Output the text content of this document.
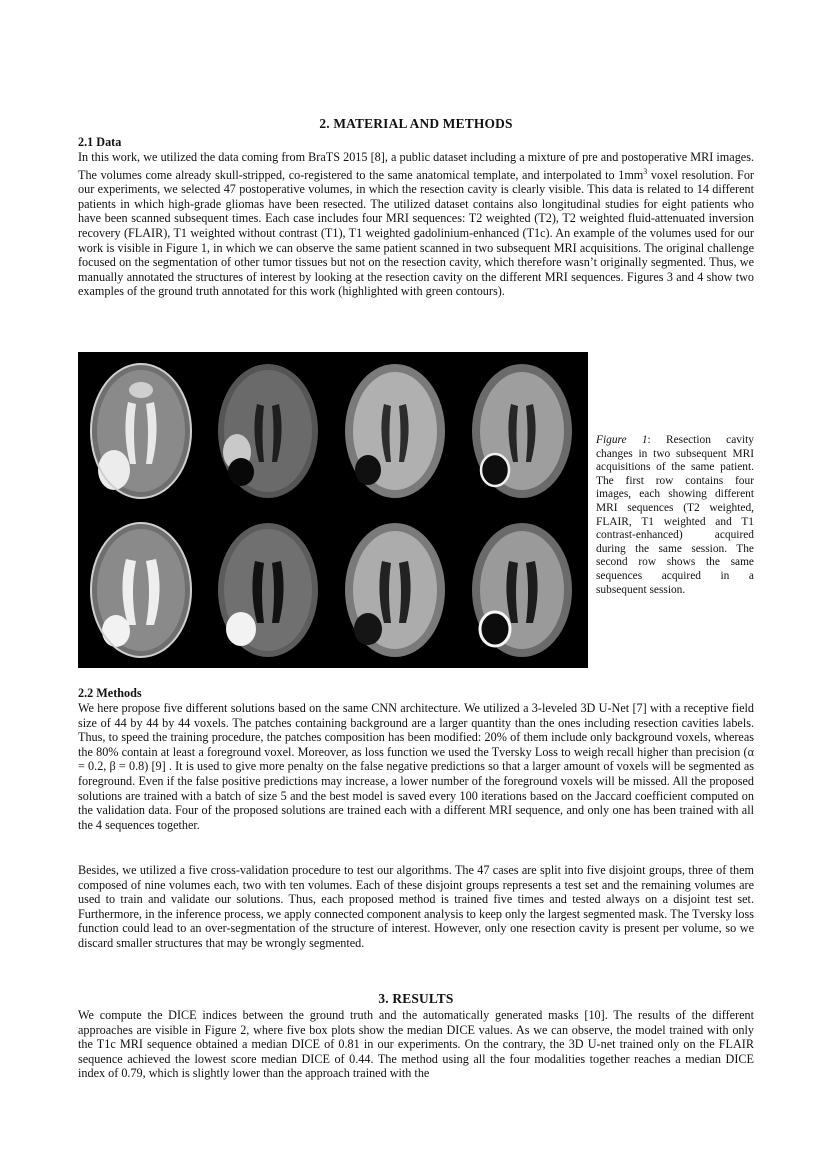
2. MATERIAL AND METHODS
2.1 Data

In this work, we utilized the data coming from BraTS 2015 [8], a public dataset including a mixture of pre and postoperative MRI images. The volumes come already skull-stripped, co-registered to the same anatomical template, and interpolated to $1mm^3$ voxel resolution. For our experiments, we selected 47 postoperative volumes, in which the resection cavity is clearly visible. This data is related to 14 different patients in which high-grade gliomas have been resected. The utilized dataset contains also longitudinal studies for eight patients who have been scanned subsequent times. Each case includes four MRI sequences: T2 weighted (T2), T2 weighted fluid-attenuated inversion recovery (FLAIR), T1 weighted without contrast (T1), T1 weighted gadolinium-enhanced (T1c). An example of the volumes used for our work is visible in Figure 1, in which we can observe the same patient scanned in two subsequent MRI acquisitions. The original challenge focused on the segmentation of other tumor tissues but not on the resection cavity, which therefore wasn’t originally segmented. Thus, we manually annotated the structures of interest by looking at the resection cavity on the different MRI sequences. Figures 3 and 4 show two examples of the ground truth annotated for this work (highlighted with green contours).

Figure 1: Resection cavity changes in two subsequent MRI acquisitions of the same patient. The first row contains four images, each showing different MRI sequences (T2 weighted, FLAIR, T1 weighted and T1 contrast-enhanced) acquired during the same session. The second row shows the same sequences acquired in a subsequent session.
2.2 Methods

We here propose five different solutions based on the same CNN architecture. We utilized a 3-leveled 3D U-Net [7] with a receptive field size of 44 by 44 by 44 voxels. The patches containing background are a larger quantity than the ones including resection cavities labels. Thus, to speed the training procedure, the patches composition has been modified: 20% of them include only background voxels, whereas the 80% contain at least a foreground voxel. Moreover, as loss function we used the Tversky Loss to weigh recall higher than precision (α = 0.2, β = 0.8) [9] . It is used to give more penalty on the false negative predictions so that a larger amount of voxels will be segmented as foreground. Even if the false positive predictions may increase, a lower number of the foreground voxels will be missed. All the proposed solutions are trained with a batch of size 5 and the best model is saved every 100 iterations based on the Jaccard coefficient computed on the validation data. Four of the proposed solutions are trained each with a different MRI sequence, and only one has been trained with all the 4 sequences together.

Besides, we utilized a five cross-validation procedure to test our algorithms. The 47 cases are split into five disjoint groups, three of them composed of nine volumes each, two with ten volumes. Each of these disjoint groups represents a test set and the remaining volumes are used to train and validate our solutions. Thus, each proposed method is trained five times and tested always on a disjoint test set. Furthermore, in the inference process, we apply connected component analysis to keep only the largest segmented mask. The Tversky loss function could lead to an over-segmentation of the structure of interest. However, only one resection cavity is present per volume, so we discard smaller structures that may be wrongly segmented.

3. RESULTS

We compute the DICE indices between the ground truth and the automatically generated masks [10]. The results of the different approaches are visible in Figure 2, where five box plots show the median DICE values. As we can observe, the model trained with only the T1c MRI sequence obtained a median DICE of 0.81 in our experiments. On the contrary, the 3D U-net trained only on the FLAIR sequence achieved the lowest score median DICE of 0.44. The method using all the four modalities together reaches a median DICE index of 0.79, which is slightly lower than the approach trained with the
